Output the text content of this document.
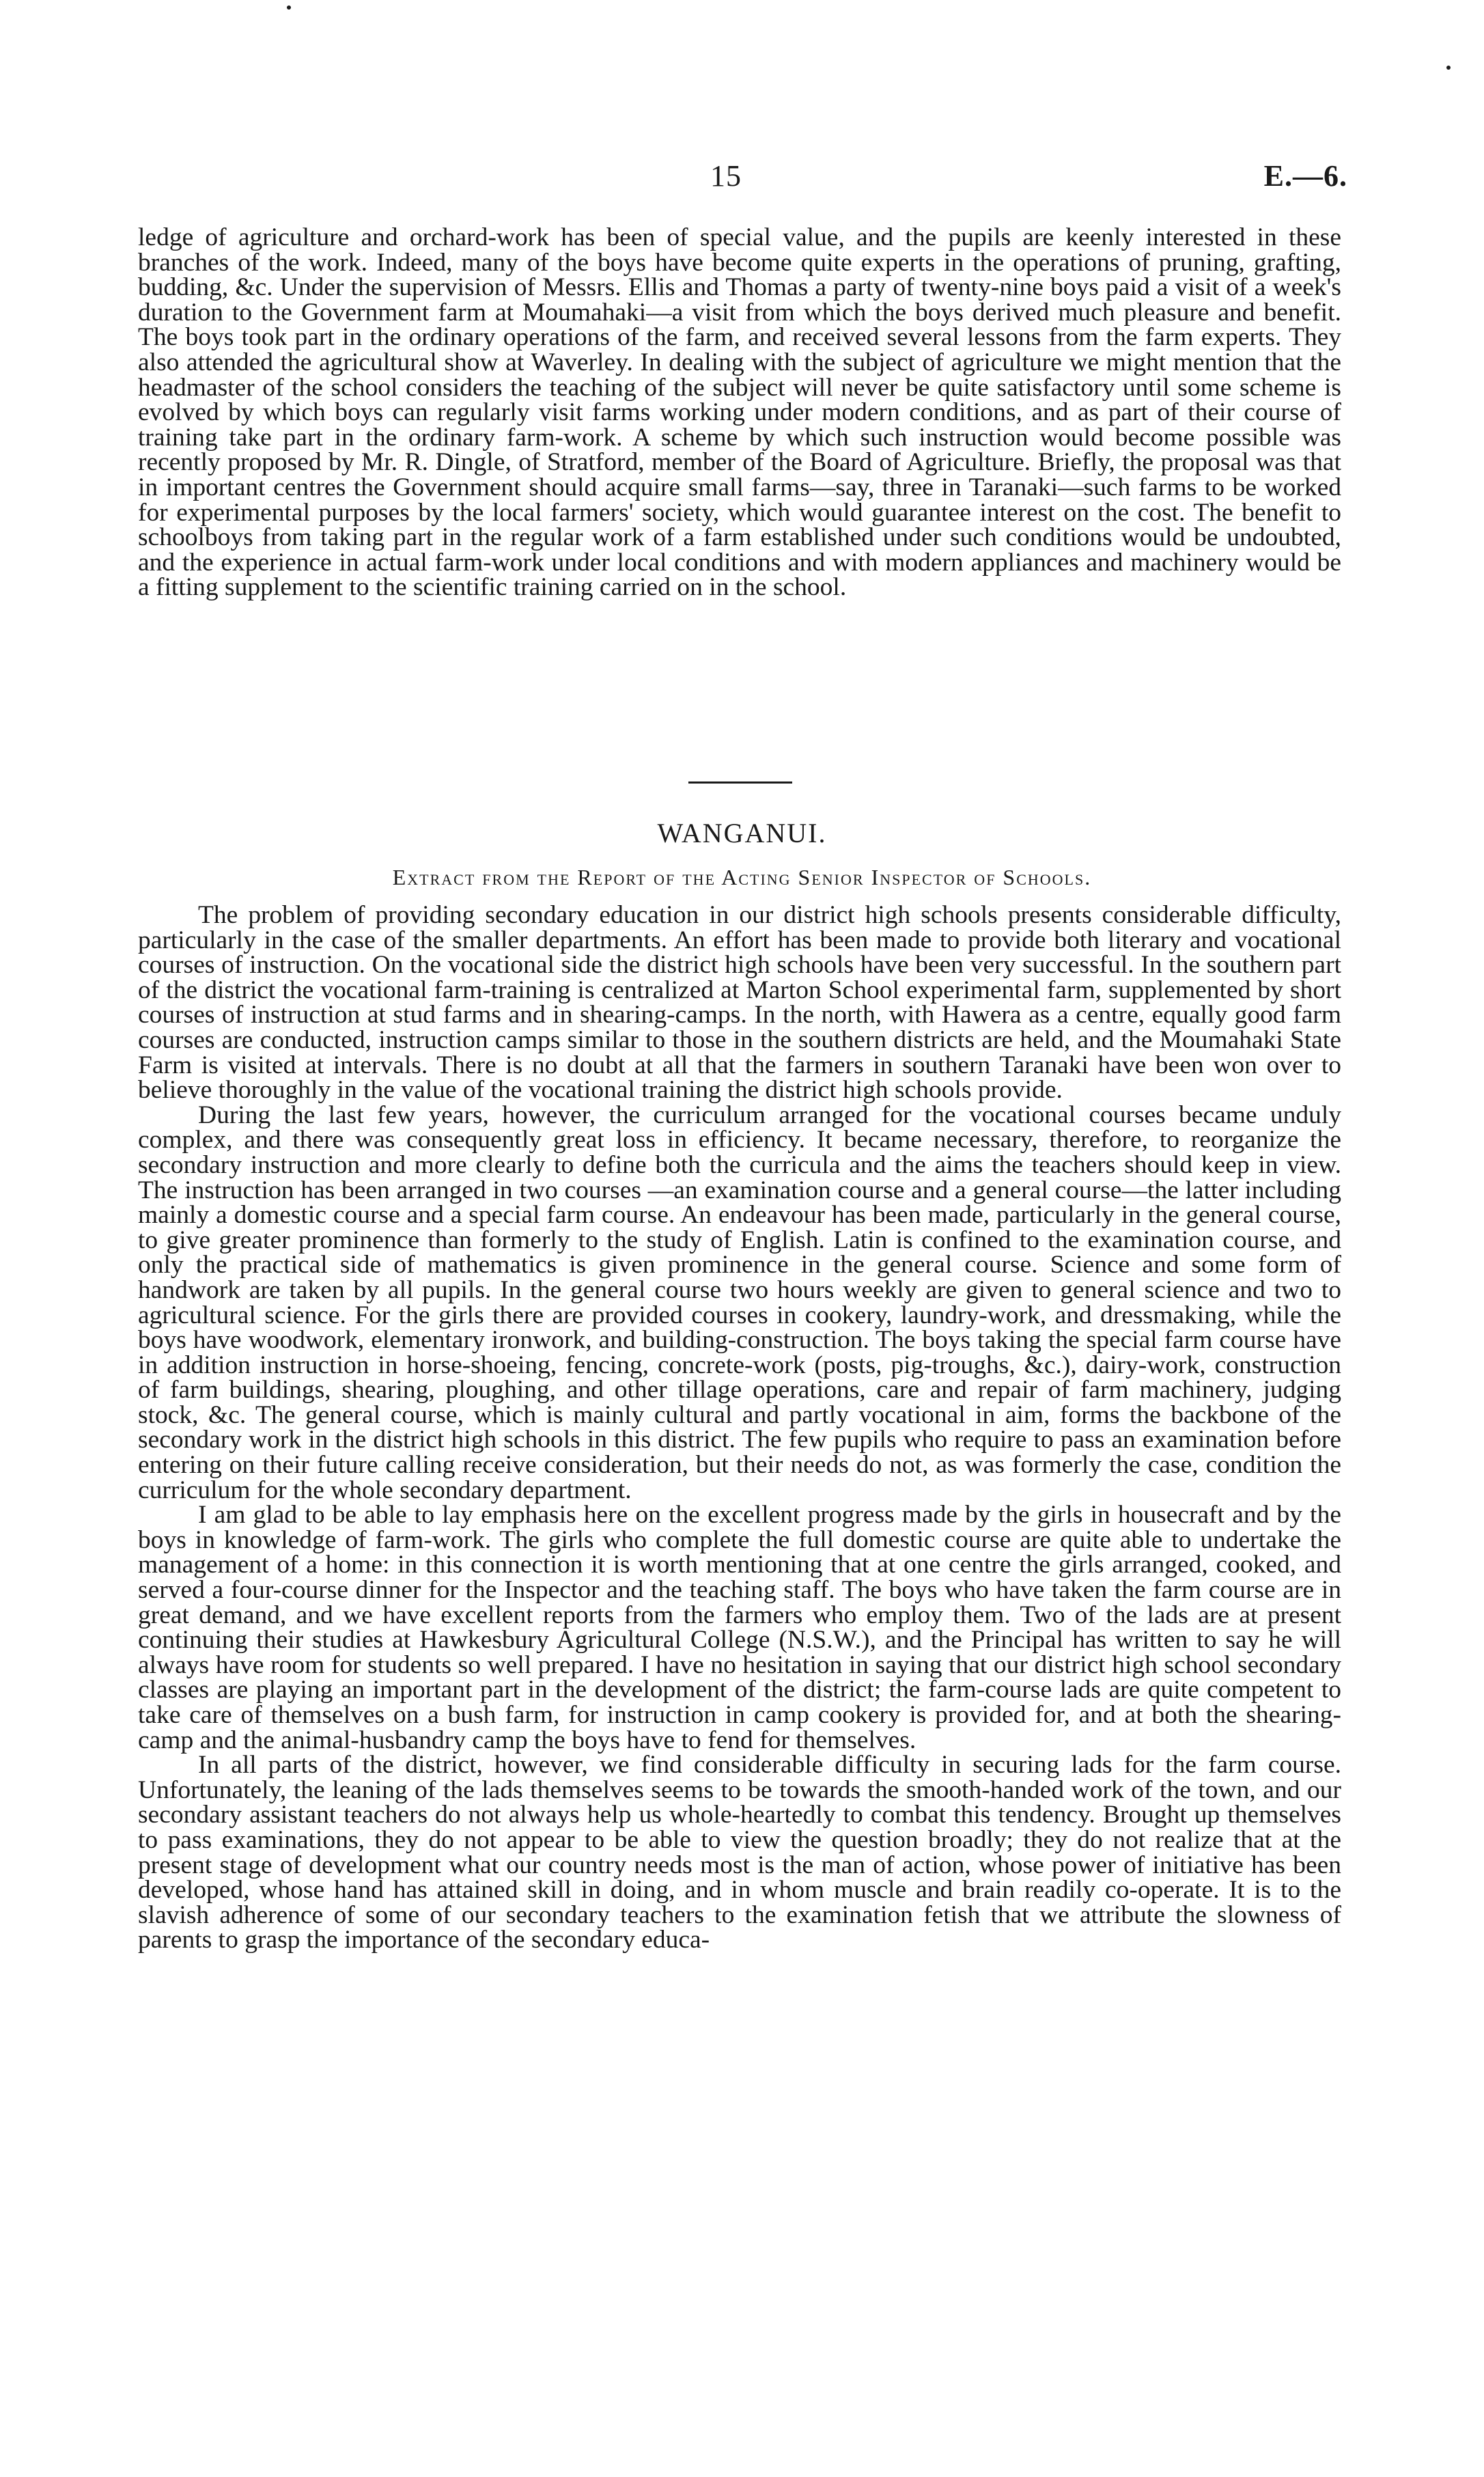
15	E.—6.

ledge of agriculture and orchard-work has been of special value, and the pupils are keenly interested in these branches of the work. Indeed, many of the boys have become quite experts in the operations of pruning, grafting, budding, &c. Under the supervision of Messrs. Ellis and Thomas a party of twenty-nine boys paid a visit of a week's duration to the Government farm at Moumahaki—a visit from which the boys derived much pleasure and benefit. The boys took part in the ordinary operations of the farm, and received several lessons from the farm experts. They also attended the agricultural show at Waverley. In dealing with the subject of agriculture we might mention that the headmaster of the school considers the teaching of the subject will never be quite satisfactory until some scheme is evolved by which boys can regularly visit farms working under modern conditions, and as part of their course of training take part in the ordinary farm-work. A scheme by which such instruction would become possible was recently proposed by Mr. R. Dingle, of Stratford, member of the Board of Agriculture. Briefly, the proposal was that in important centres the Government should acquire small farms—say, three in Taranaki—such farms to be worked for experimental purposes by the local farmers' society, which would guarantee interest on the cost. The benefit to schoolboys from taking part in the regular work of a farm established under such conditions would be undoubted, and the experience in actual farm-work under local conditions and with modern appliances and machinery would be a fitting supplement to the scientific training carried on in the school.

WANGANUI.
Extract from the Report of the Acting Senior Inspector of Schools.

The problem of providing secondary education in our district high schools presents considerable difficulty, particularly in the case of the smaller departments. An effort has been made to provide both literary and vocational courses of instruction. On the vocational side the district high schools have been very successful. In the southern part of the district the vocational farm-training is centralized at Marton School experimental farm, supplemented by short courses of instruction at stud farms and in shearing-camps. In the north, with Hawera as a centre, equally good farm courses are conducted, instruction camps similar to those in the southern districts are held, and the Moumahaki State Farm is visited at intervals. There is no doubt at all that the farmers in southern Taranaki have been won over to believe thoroughly in the value of the vocational training the district high schools provide.

During the last few years, however, the curriculum arranged for the vocational courses became unduly complex, and there was consequently great loss in efficiency. It became necessary, therefore, to reorganize the secondary instruction and more clearly to define both the curricula and the aims the teachers should keep in view. The instruction has been arranged in two courses —an examination course and a general course—the latter including mainly a domestic course and a special farm course. An endeavour has been made, particularly in the general course, to give greater prominence than formerly to the study of English. Latin is confined to the examination course, and only the practical side of mathematics is given prominence in the general course. Science and some form of handwork are taken by all pupils. In the general course two hours weekly are given to general science and two to agricultural science. For the girls there are provided courses in cookery, laundry-work, and dressmaking, while the boys have woodwork, elementary ironwork, and building-construction. The boys taking the special farm course have in addition instruction in horse-shoeing, fencing, concrete-work (posts, pig-troughs, &c.), dairy-work, construction of farm buildings, shearing, ploughing, and other tillage operations, care and repair of farm machinery, judging stock, &c. The general course, which is mainly cultural and partly vocational in aim, forms the backbone of the secondary work in the district high schools in this district. The few pupils who require to pass an examination before entering on their future calling receive consideration, but their needs do not, as was formerly the case, condition the curriculum for the whole secondary department.

I am glad to be able to lay emphasis here on the excellent progress made by the girls in housecraft and by the boys in knowledge of farm-work. The girls who complete the full domestic course are quite able to undertake the management of a home: in this connection it is worth mentioning that at one centre the girls arranged, cooked, and served a four-course dinner for the Inspector and the teaching staff. The boys who have taken the farm course are in great demand, and we have excellent reports from the farmers who employ them. Two of the lads are at present continuing their studies at Hawkesbury Agricultural College (N.S.W.), and the Principal has written to say he will always have room for students so well prepared. I have no hesitation in saying that our district high school secondary classes are playing an important part in the development of the district; the farm-course lads are quite competent to take care of themselves on a bush farm, for instruction in camp cookery is provided for, and at both the shearing-camp and the animal-husbandry camp the boys have to fend for themselves.

In all parts of the district, however, we find considerable difficulty in securing lads for the farm course. Unfortunately, the leaning of the lads themselves seems to be towards the smooth-handed work of the town, and our secondary assistant teachers do not always help us whole-heartedly to combat this tendency. Brought up themselves to pass examinations, they do not appear to be able to view the question broadly; they do not realize that at the present stage of development what our country needs most is the man of action, whose power of initiative has been developed, whose hand has attained skill in doing, and in whom muscle and brain readily co-operate. It is to the slavish adherence of some of our secondary teachers to the examination fetish that we attribute the slowness of parents to grasp the importance of the secondary educa-
